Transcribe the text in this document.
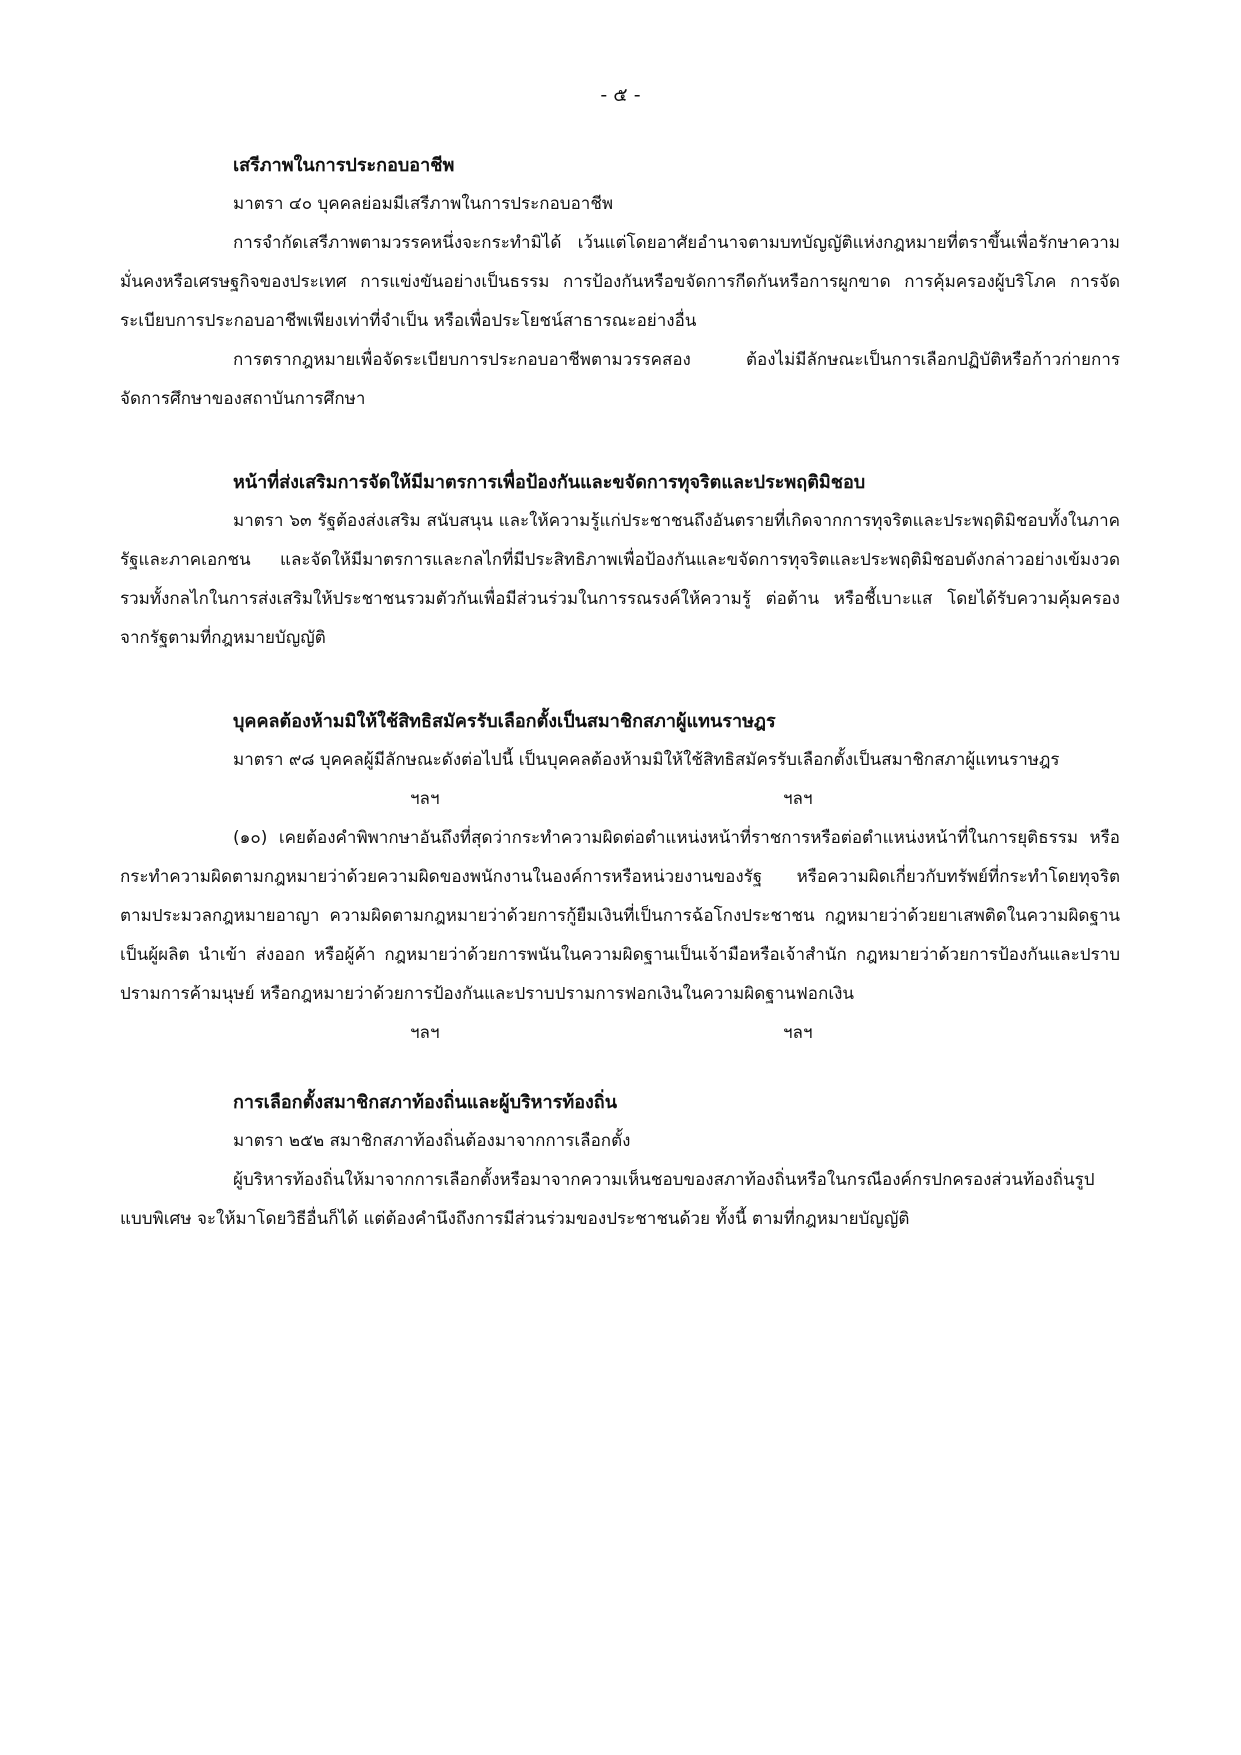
- ๕ -
เสรีภาพในการประกอบอาชีพ

มาตรา ๔๐ บุคคลย่อมมีเสรีภาพในการประกอบอาชีพ

การจำกัดเสรีภาพตามวรรคหนึ่งจะกระทำมิได้ เว้นแต่โดยอาศัยอำนาจตามบทบัญญัติแห่งกฎหมายที่ตราขึ้นเพื่อรักษาความมั่นคงหรือเศรษฐกิจของประเทศ การแข่งขันอย่างเป็นธรรม การป้องกันหรือขจัดการกีดกันหรือการผูกขาด การคุ้มครองผู้บริโภค การจัดระเบียบการประกอบอาชีพเพียงเท่าที่จำเป็น หรือเพื่อประโยชน์สาธารณะอย่างอื่น

การตรากฎหมายเพื่อจัดระเบียบการประกอบอาชีพตามวรรคสอง ต้องไม่มีลักษณะเป็นการเลือกปฏิบัติหรือก้าวก่ายการจัดการศึกษาของสถาบันการศึกษา

หน้าที่ส่งเสริมการจัดให้มีมาตรการเพื่อป้องกันและขจัดการทุจริตและประพฤติมิชอบ

มาตรา ๖๓ รัฐต้องส่งเสริม สนับสนุน และให้ความรู้แก่ประชาชนถึงอันตรายที่เกิดจากการทุจริตและประพฤติมิชอบทั้งในภาครัฐและภาคเอกชน และจัดให้มีมาตรการและกลไกที่มีประสิทธิภาพเพื่อป้องกันและขจัดการทุจริตและประพฤติมิชอบดังกล่าวอย่างเข้มงวด รวมทั้งกลไกในการส่งเสริมให้ประชาชนรวมตัวกันเพื่อมีส่วนร่วมในการรณรงค์ให้ความรู้ ต่อต้าน หรือชี้เบาะแส โดยได้รับความคุ้มครองจากรัฐตามที่กฎหมายบัญญัติ

บุคคลต้องห้ามมิให้ใช้สิทธิสมัครรับเลือกตั้งเป็นสมาชิกสภาผู้แทนราษฎร

มาตรา ๙๘ บุคคลผู้มีลักษณะดังต่อไปนี้ เป็นบุคคลต้องห้ามมิให้ใช้สิทธิสมัครรับเลือกตั้งเป็นสมาชิกสภาผู้แทนราษฎร

ฯลฯ	ฯลฯ

(๑๐) เคยต้องคำพิพากษาอันถึงที่สุดว่ากระทำความผิดต่อตำแหน่งหน้าที่ราชการหรือต่อตำแหน่งหน้าที่ในการยุติธรรม หรือกระทำความผิดตามกฎหมายว่าด้วยความผิดของพนักงานในองค์การหรือหน่วยงานของรัฐ หรือความผิดเกี่ยวกับทรัพย์ที่กระทำโดยทุจริตตามประมวลกฎหมายอาญา ความผิดตามกฎหมายว่าด้วยการกู้ยืมเงินที่เป็นการฉ้อโกงประชาชน กฎหมายว่าด้วยยาเสพติดในความผิดฐานเป็นผู้ผลิต นำเข้า ส่งออก หรือผู้ค้า กฎหมายว่าด้วยการพนันในความผิดฐานเป็นเจ้ามือหรือเจ้าสำนัก กฎหมายว่าด้วยการป้องกันและปราบปรามการค้ามนุษย์ หรือกฎหมายว่าด้วยการป้องกันและปราบปรามการฟอกเงินในความผิดฐานฟอกเงิน

ฯลฯ	ฯลฯ
การเลือกตั้งสมาชิกสภาท้องถิ่นและผู้บริหารท้องถิ่น

มาตรา ๒๕๒ สมาชิกสภาท้องถิ่นต้องมาจากการเลือกตั้ง

ผู้บริหารท้องถิ่นให้มาจากการเลือกตั้งหรือมาจากความเห็นชอบของสภาท้องถิ่นหรือในกรณีองค์กรปกครองส่วนท้องถิ่นรูปแบบพิเศษ จะให้มาโดยวิธีอื่นก็ได้ แต่ต้องคำนึงถึงการมีส่วนร่วมของประชาชนด้วย ทั้งนี้ ตามที่กฎหมายบัญญัติ
